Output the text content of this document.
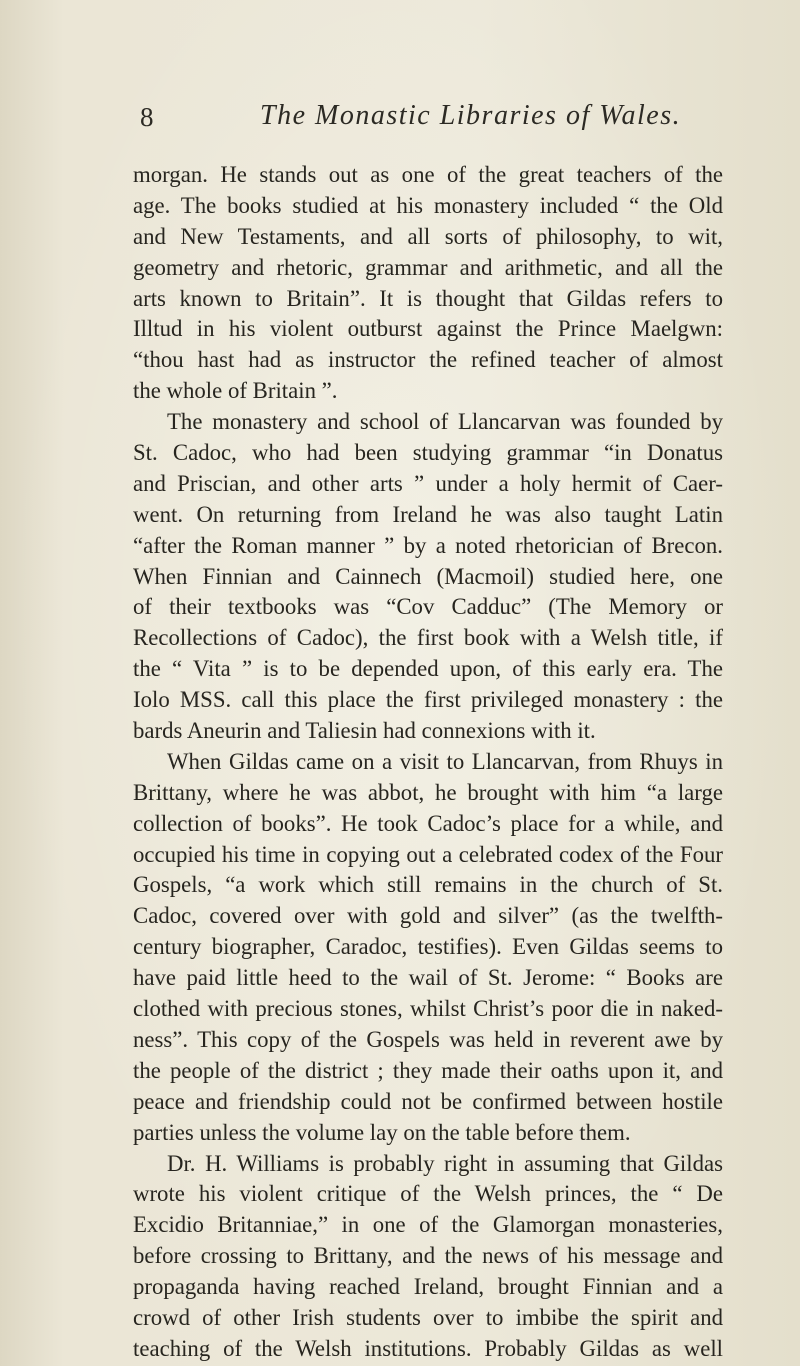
8	The Monastic Libraries of Wales.
morgan. He stands out as one of the great teachers of the
age. The books studied at his monastery included “ the Old
and New Testaments, and all sorts of philosophy, to wit,
geometry and rhetoric, grammar and arithmetic, and all the
arts known to Britain”. It is thought that Gildas refers to
Illtud in his violent outburst against the Prince Maelgwn:
“thou hast had as instructor the refined teacher of almost
the whole of Britain ”.
The monastery and school of Llancarvan was founded by
St. Cadoc, who had been studying grammar “in Donatus
and Priscian, and other arts ” under a holy hermit of Caer-
went. On returning from Ireland he was also taught Latin
“after the Roman manner ” by a noted rhetorician of Brecon.
When Finnian and Cainnech (Macmoil) studied here, one
of their textbooks was “Cov Cadduc” (The Memory or
Recollections of Cadoc), the first book with a Welsh title, if
the “ Vita ” is to be depended upon, of this early era. The
Iolo MSS. call this place the first privileged monastery : the
bards Aneurin and Taliesin had connexions with it.
When Gildas came on a visit to Llancarvan, from Rhuys in
Brittany, where he was abbot, he brought with him “a large
collection of books”. He took Cadoc’s place for a while, and
occupied his time in copying out a celebrated codex of the Four
Gospels, “a work which still remains in the church of St.
Cadoc, covered over with gold and silver” (as the twelfth-
century biographer, Caradoc, testifies). Even Gildas seems to
have paid little heed to the wail of St. Jerome: “ Books are
clothed with precious stones, whilst Christ’s poor die in naked-
ness”. This copy of the Gospels was held in reverent awe by
the people of the district ; they made their oaths upon it, and
peace and friendship could not be confirmed between hostile
parties unless the volume lay on the table before them.
Dr. H. Williams is probably right in assuming that Gildas
wrote his violent critique of the Welsh princes, the “ De
Excidio Britanniae,” in one of the Glamorgan monasteries,
before crossing to Brittany, and the news of his message and
propaganda having reached Ireland, brought Finnian and a
crowd of other Irish students over to imbibe the spirit and
teaching of the Welsh institutions. Probably Gildas as well
